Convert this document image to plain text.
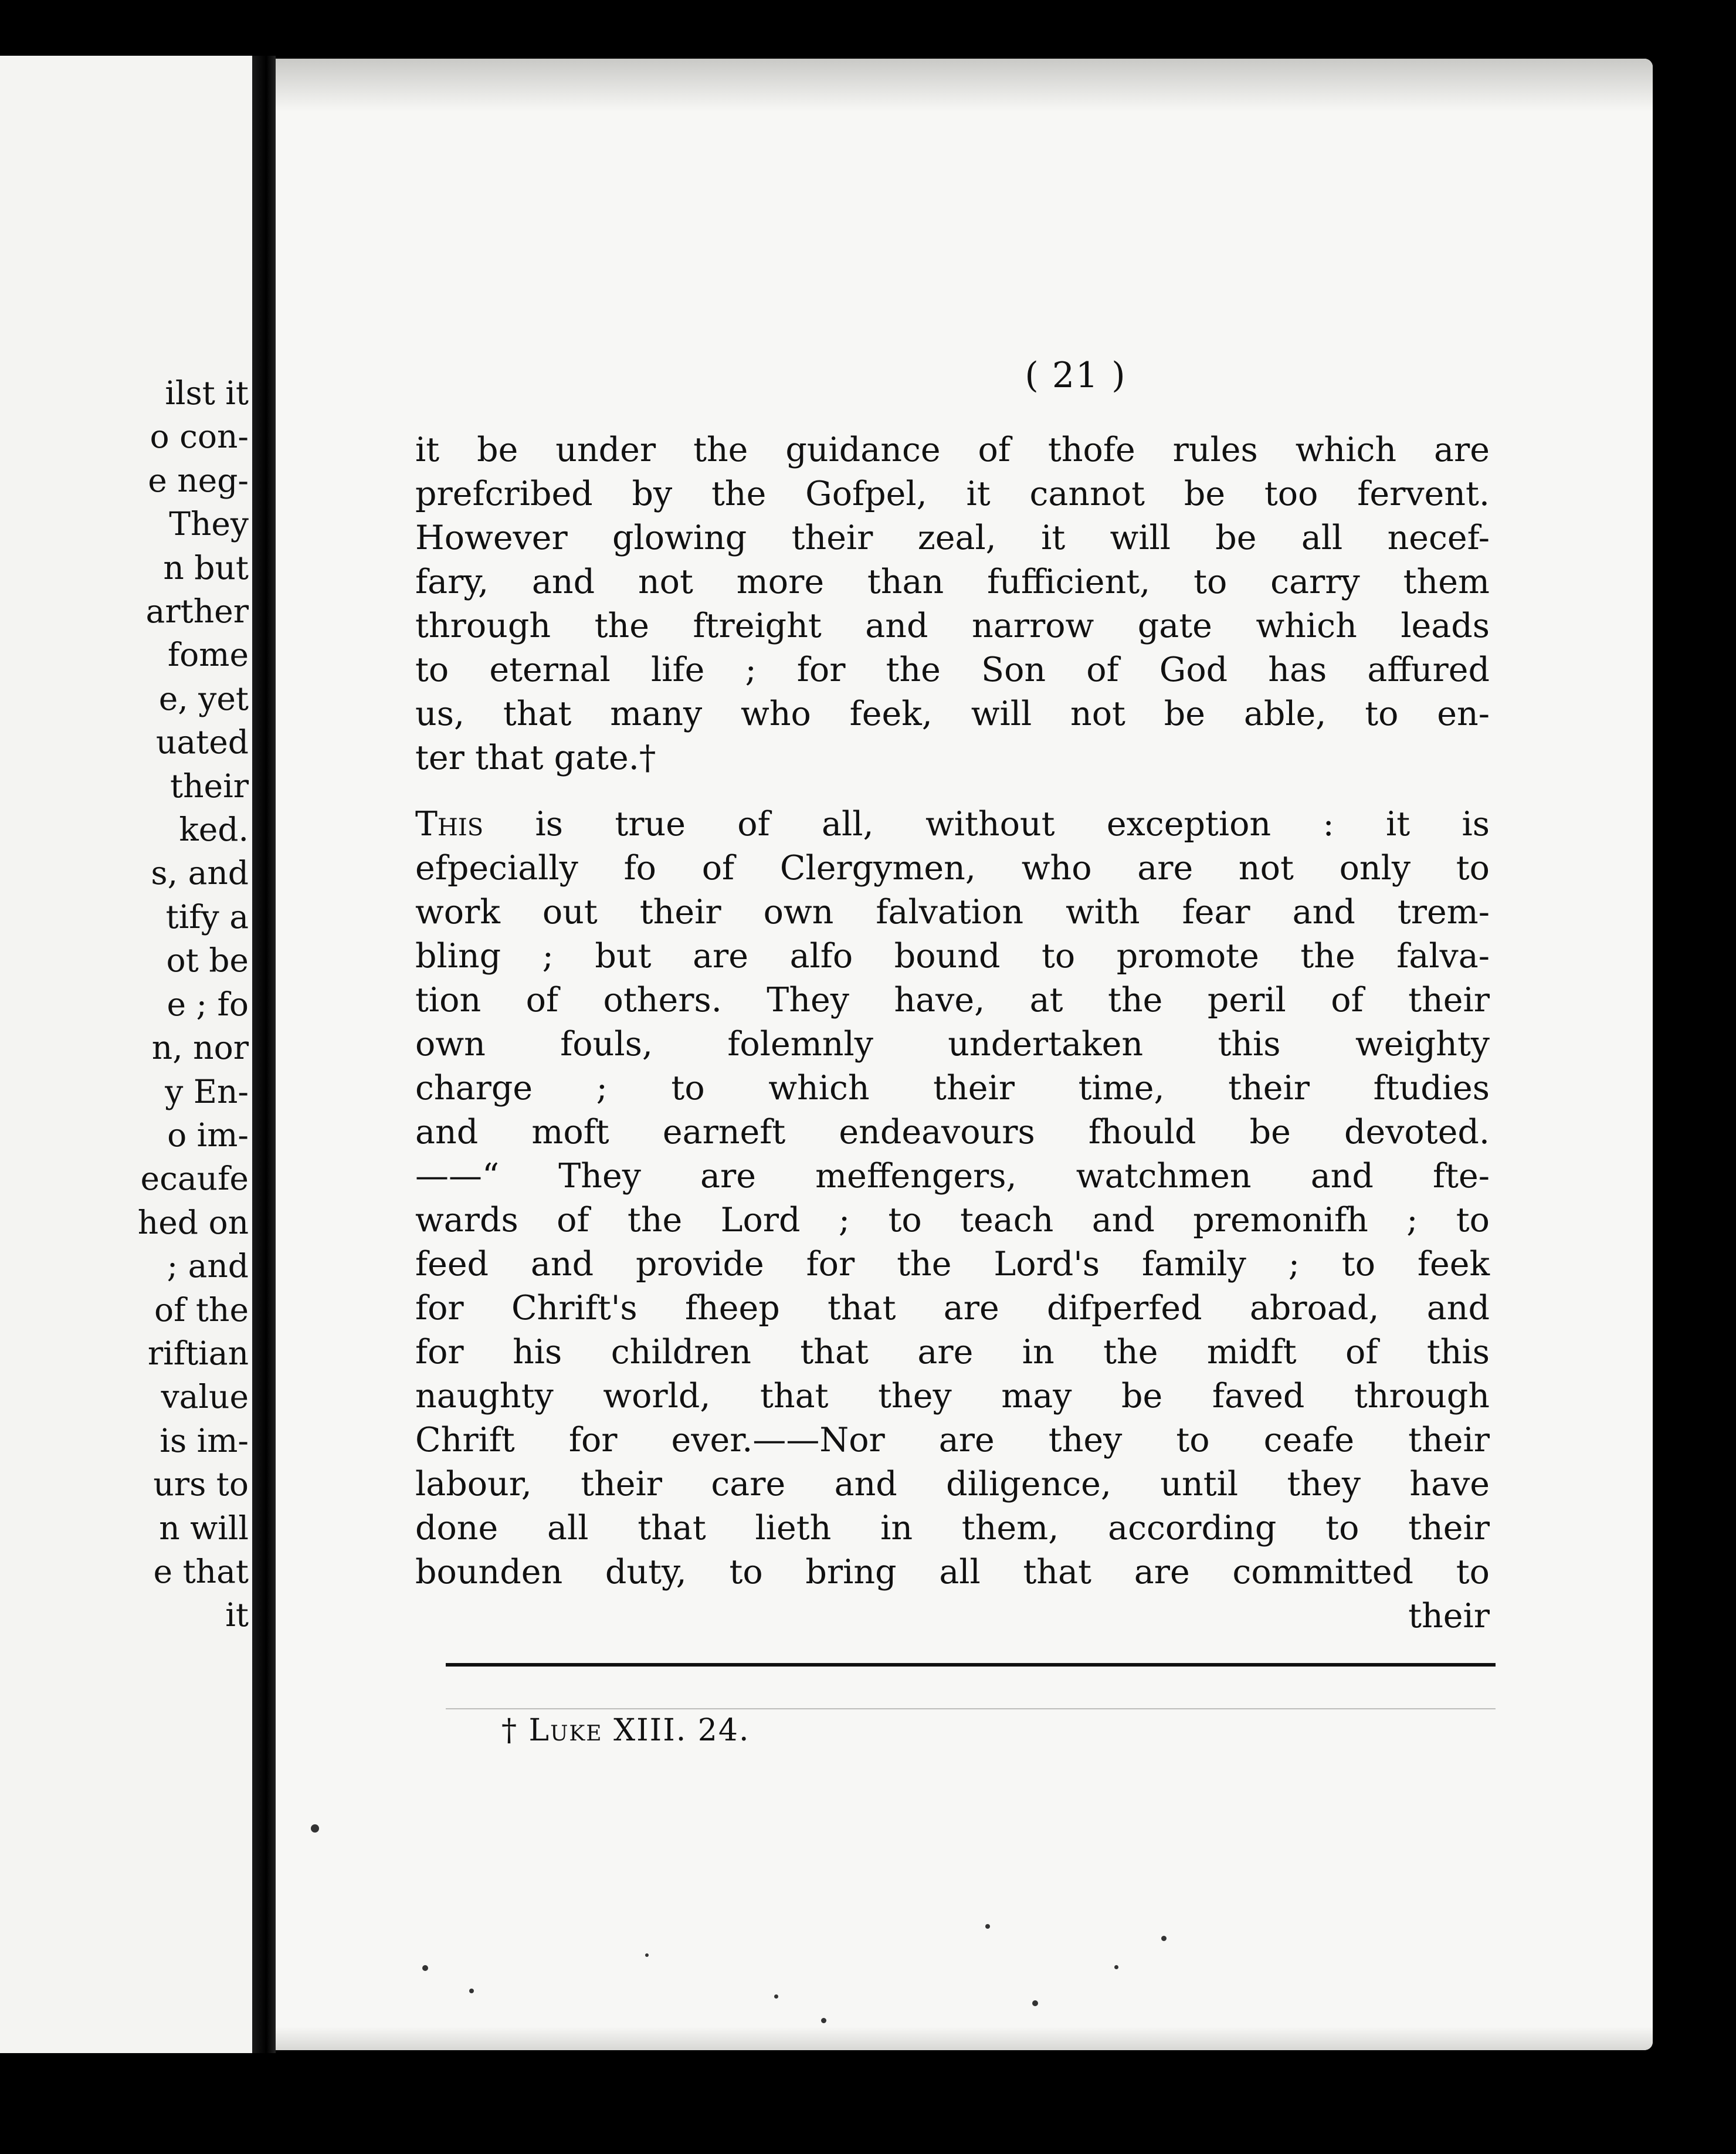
ilst it
o con-
e neg-
They
n but
arther
fome
e, yet
uated
their
ked.
s, and
tify a
ot be
e ; fo
n, nor
y En-
o im-
ecaufe
hed on
; and
of the
riftian
value
is im-
urs to
n will
e that
it
( 21 )
it be under the guidance of thofe rules which are
prefcribed by the Gofpel, it cannot be too fervent.
However glowing their zeal, it will be all necef-
fary, and not more than fufficient, to carry them
through the ftreight and narrow gate which leads
to eternal life ; for the Son of God has affured
us, that many who feek, will not be able, to en-
ter that gate.†
This is true of all, without exception : it is
efpecially fo of Clergymen, who are not only to
work out their own falvation with fear and trem-
bling ; but are alfo bound to promote the falva-
tion of others. They have, at the peril of their
own fouls, folemnly undertaken this weighty
charge ; to which their time, their ftudies
and moft earneft endeavours fhould be devoted.
——“ They are meffengers, watchmen and fte-
wards of the Lord ; to teach and premonifh ; to
feed and provide for the Lord's family ; to feek
for Chrift's fheep that are difperfed abroad, and
for his children that are in the midft of this
naughty world, that they may be faved through
Chrift for ever.——Nor are they to ceafe their
labour, their care and diligence, until they have
done all that lieth in them, according to their
bounden duty, to bring all that are committed to
their
† Luke XIII. 24.
